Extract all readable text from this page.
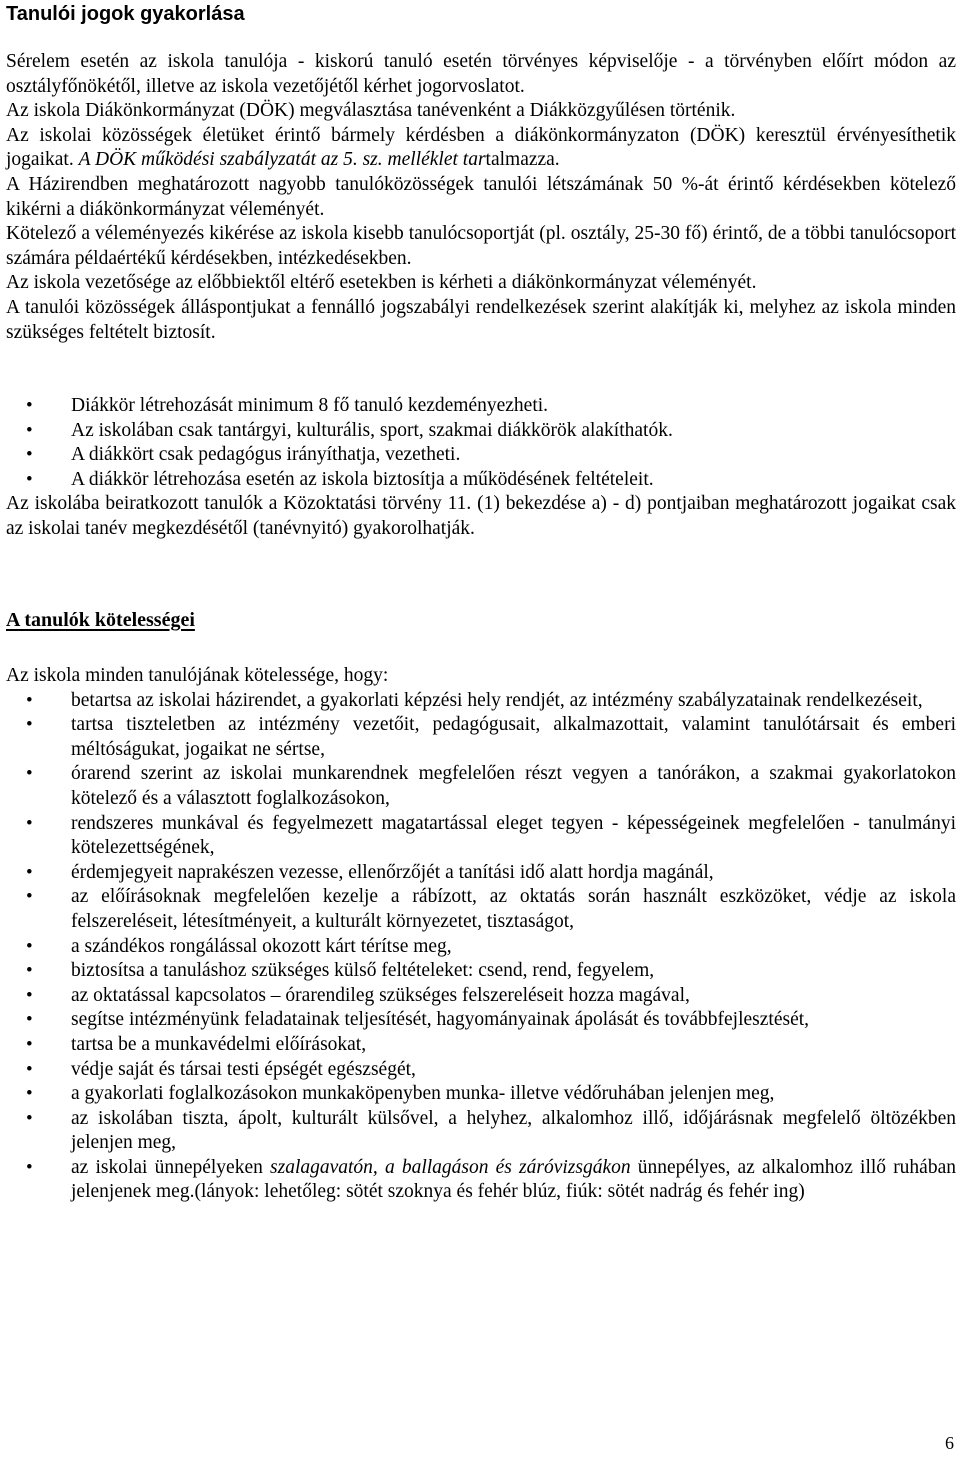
Tanulói jogok gyakorlása

Sérelem esetén az iskola tanulója - kiskorú tanuló esetén törvényes képviselője - a törvényben előírt módon az osztályfőnökétől, illetve az iskola vezetőjétől kérhet jogorvoslatot.

Az iskola Diákönkormányzat (DÖK) megválasztása tanévenként a Diákközgyűlésen történik.

Az iskolai közösségek életüket érintő bármely kérdésben a diákönkormányzaton (DÖK) keresztül érvényesíthetik jogaikat. A DÖK működési szabályzatát az 5. sz. melléklet tartalmazza.

A Házirendben meghatározott nagyobb tanulóközösségek tanulói létszámának 50 %-át érintő kérdésekben kötelező kikérni a diákönkormányzat véleményét.

Kötelező a véleményezés kikérése az iskola kisebb tanulócsoportját (pl. osztály, 25-30 fő) érintő, de a többi tanulócsoport számára példaértékű kérdésekben, intézkedésekben.

Az iskola vezetősége az előbbiektől eltérő esetekben is kérheti a diákönkormányzat véleményét.

A tanulói közösségek álláspontjukat a fennálló jogszabályi rendelkezések szerint alakítják ki, melyhez az iskola minden szükséges feltételt biztosít.

• Diákkör létrehozását minimum 8 fő tanuló kezdeményezheti.
• Az iskolában csak tantárgyi, kulturális, sport, szakmai diákkörök alakíthatók.
• A diákkört csak pedagógus irányíthatja, vezetheti.
• A diákkör létrehozása esetén az iskola biztosítja a működésének feltételeit.

Az iskolába beiratkozott tanulók a Közoktatási törvény 11. (1) bekezdése a) - d) pontjaiban meghatározott jogaikat csak az iskolai tanév megkezdésétől (tanévnyitó) gyakorolhatják.

A tanulók kötelességei

Az iskola minden tanulójának kötelessége, hogy:

• betartsa az iskolai házirendet, a gyakorlati képzési hely rendjét, az intézmény szabályzatainak rendelkezéseit,
• tartsa tiszteletben az intézmény vezetőit, pedagógusait, alkalmazottait, valamint tanulótársait és emberi méltóságukat, jogaikat ne sértse,
• órarend szerint az iskolai munkarendnek megfelelően részt vegyen a tanórákon, a szakmai gyakorlatokon kötelező és a választott foglalkozásokon,
• rendszeres munkával és fegyelmezett magatartással eleget tegyen - képességeinek megfelelően - tanulmányi kötelezettségének,
• érdemjegyeit naprakészen vezesse, ellenőrzőjét a tanítási idő alatt hordja magánál,
• az előírásoknak megfelelően kezelje a rábízott, az oktatás során használt eszközöket, védje az iskola felszereléseit, létesítményeit, a kulturált környezetet, tisztaságot,
• a szándékos rongálással okozott kárt térítse meg,
• biztosítsa a tanuláshoz szükséges külső feltételeket: csend, rend, fegyelem,
• az oktatással kapcsolatos – órarendileg szükséges felszereléseit hozza magával,
• segítse intézményünk feladatainak teljesítését, hagyományainak ápolását és továbbfejlesztését,
• tartsa be a munkavédelmi előírásokat,
• védje saját és társai testi épségét egészségét,
• a gyakorlati foglalkozásokon munkaköpenyben munka- illetve védőruhában jelenjen meg,
• az iskolában tiszta, ápolt, kulturált külsővel, a helyhez, alkalomhoz illő, időjárásnak megfelelő öltözékben jelenjen meg,
• az iskolai ünnepélyeken szalagavatón, a ballagáson és záróvizsgákon ünnepélyes, az alkalomhoz illő ruhában jelenjenek meg.(lányok: lehetőleg: sötét szoknya és fehér blúz, fiúk: sötét nadrág és fehér ing)
6
